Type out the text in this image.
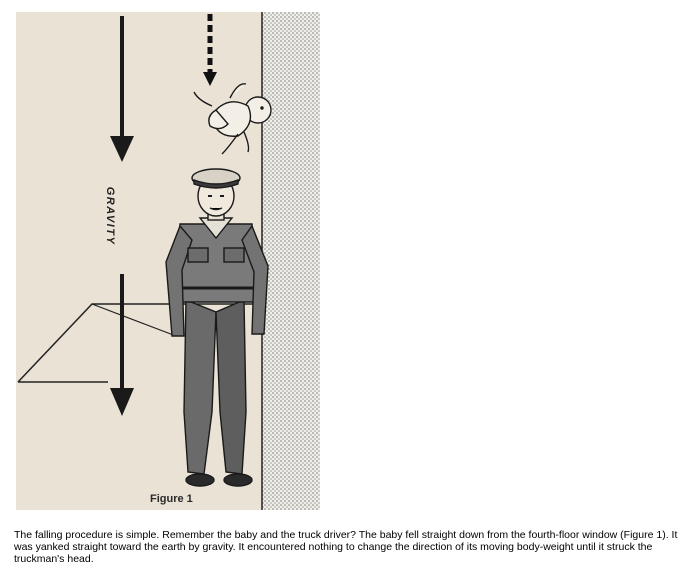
GRAVITY
Figure 1

The falling procedure is simple. Remember the baby and the truck driver? The baby fell straight down from the fourth-floor window (Figure 1). It was yanked straight toward the earth by gravity. It encountered nothing to change the direction of its moving body-weight until it struck the truckman's head.
